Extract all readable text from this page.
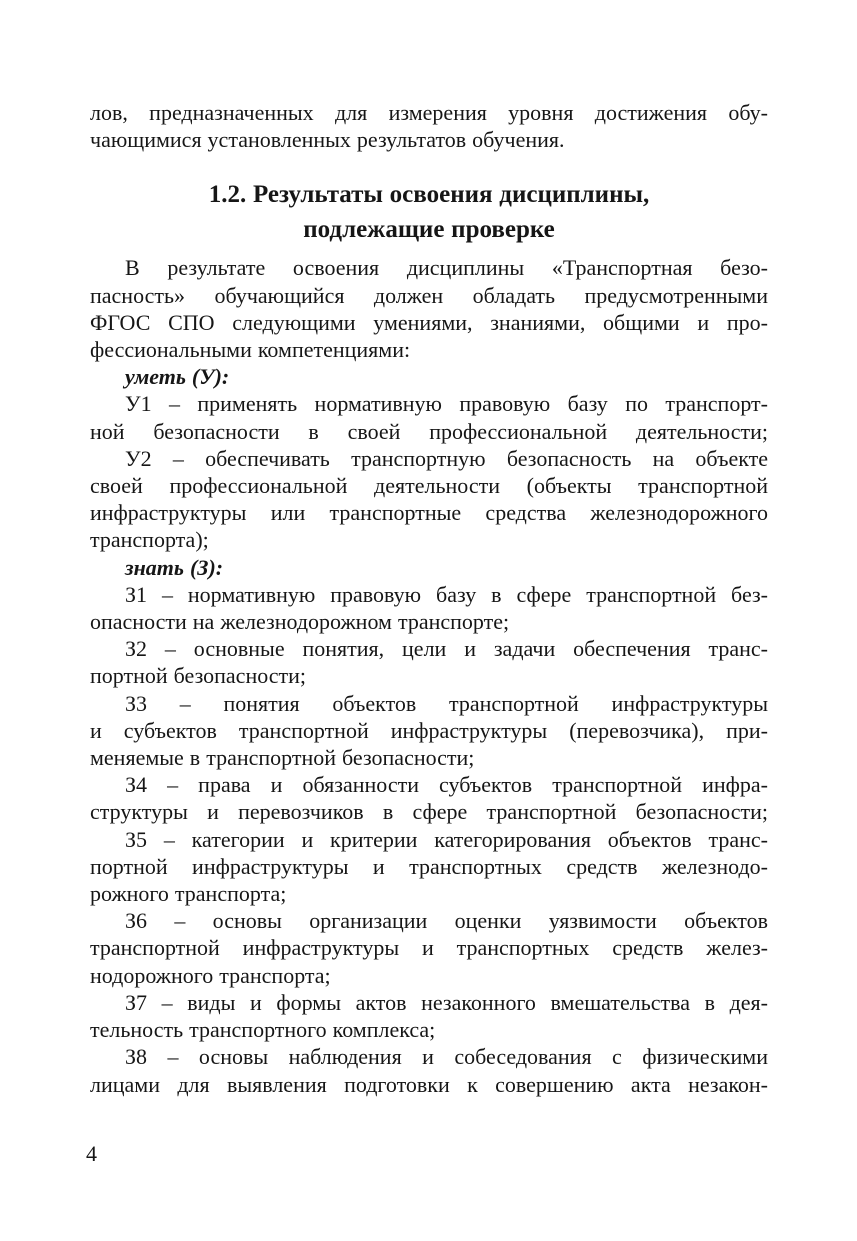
лов, предназначенных для измерения уровня достижения обу-
чающимися установленных результатов обучения.
1.2. Результаты освоения дисциплины,
подлежащие проверке
В результате освоения дисциплины «Транспортная безо-
пасность» обучающийся должен обладать предусмотренными
ФГОС СПО следующими умениями, знаниями, общими и про-
фессиональными компетенциями:
уметь (У):
У1 – применять нормативную правовую базу по транспорт-
ной безопасности в своей профессиональной деятельности;
У2 – обеспечивать транспортную безопасность на объекте
своей профессиональной деятельности (объекты транспортной
инфраструктуры или транспортные средства железнодорожного
транспорта);
знать (З):
З1 – нормативную правовую базу в сфере транспортной без-
опасности на железнодорожном транспорте;
З2 – основные понятия, цели и задачи обеспечения транс-
портной безопасности;
З3 – понятия объектов транспортной инфраструктуры
и субъектов транспортной инфраструктуры (перевозчика), при-
меняемые в транспортной безопасности;
З4 – права и обязанности субъектов транспортной инфра-
структуры и перевозчиков в сфере транспортной безопасности;
З5 – категории и критерии категорирования объектов транс-
портной инфраструктуры и транспортных средств железнодо-
рожного транспорта;
З6 – основы организации оценки уязвимости объектов
транспортной инфраструктуры и транспортных средств желез-
нодорожного транспорта;
З7 – виды и формы актов незаконного вмешательства в дея-
тельность транспортного комплекса;
З8 – основы наблюдения и собеседования с физическими
лицами для выявления подготовки к совершению акта незакон-
4
